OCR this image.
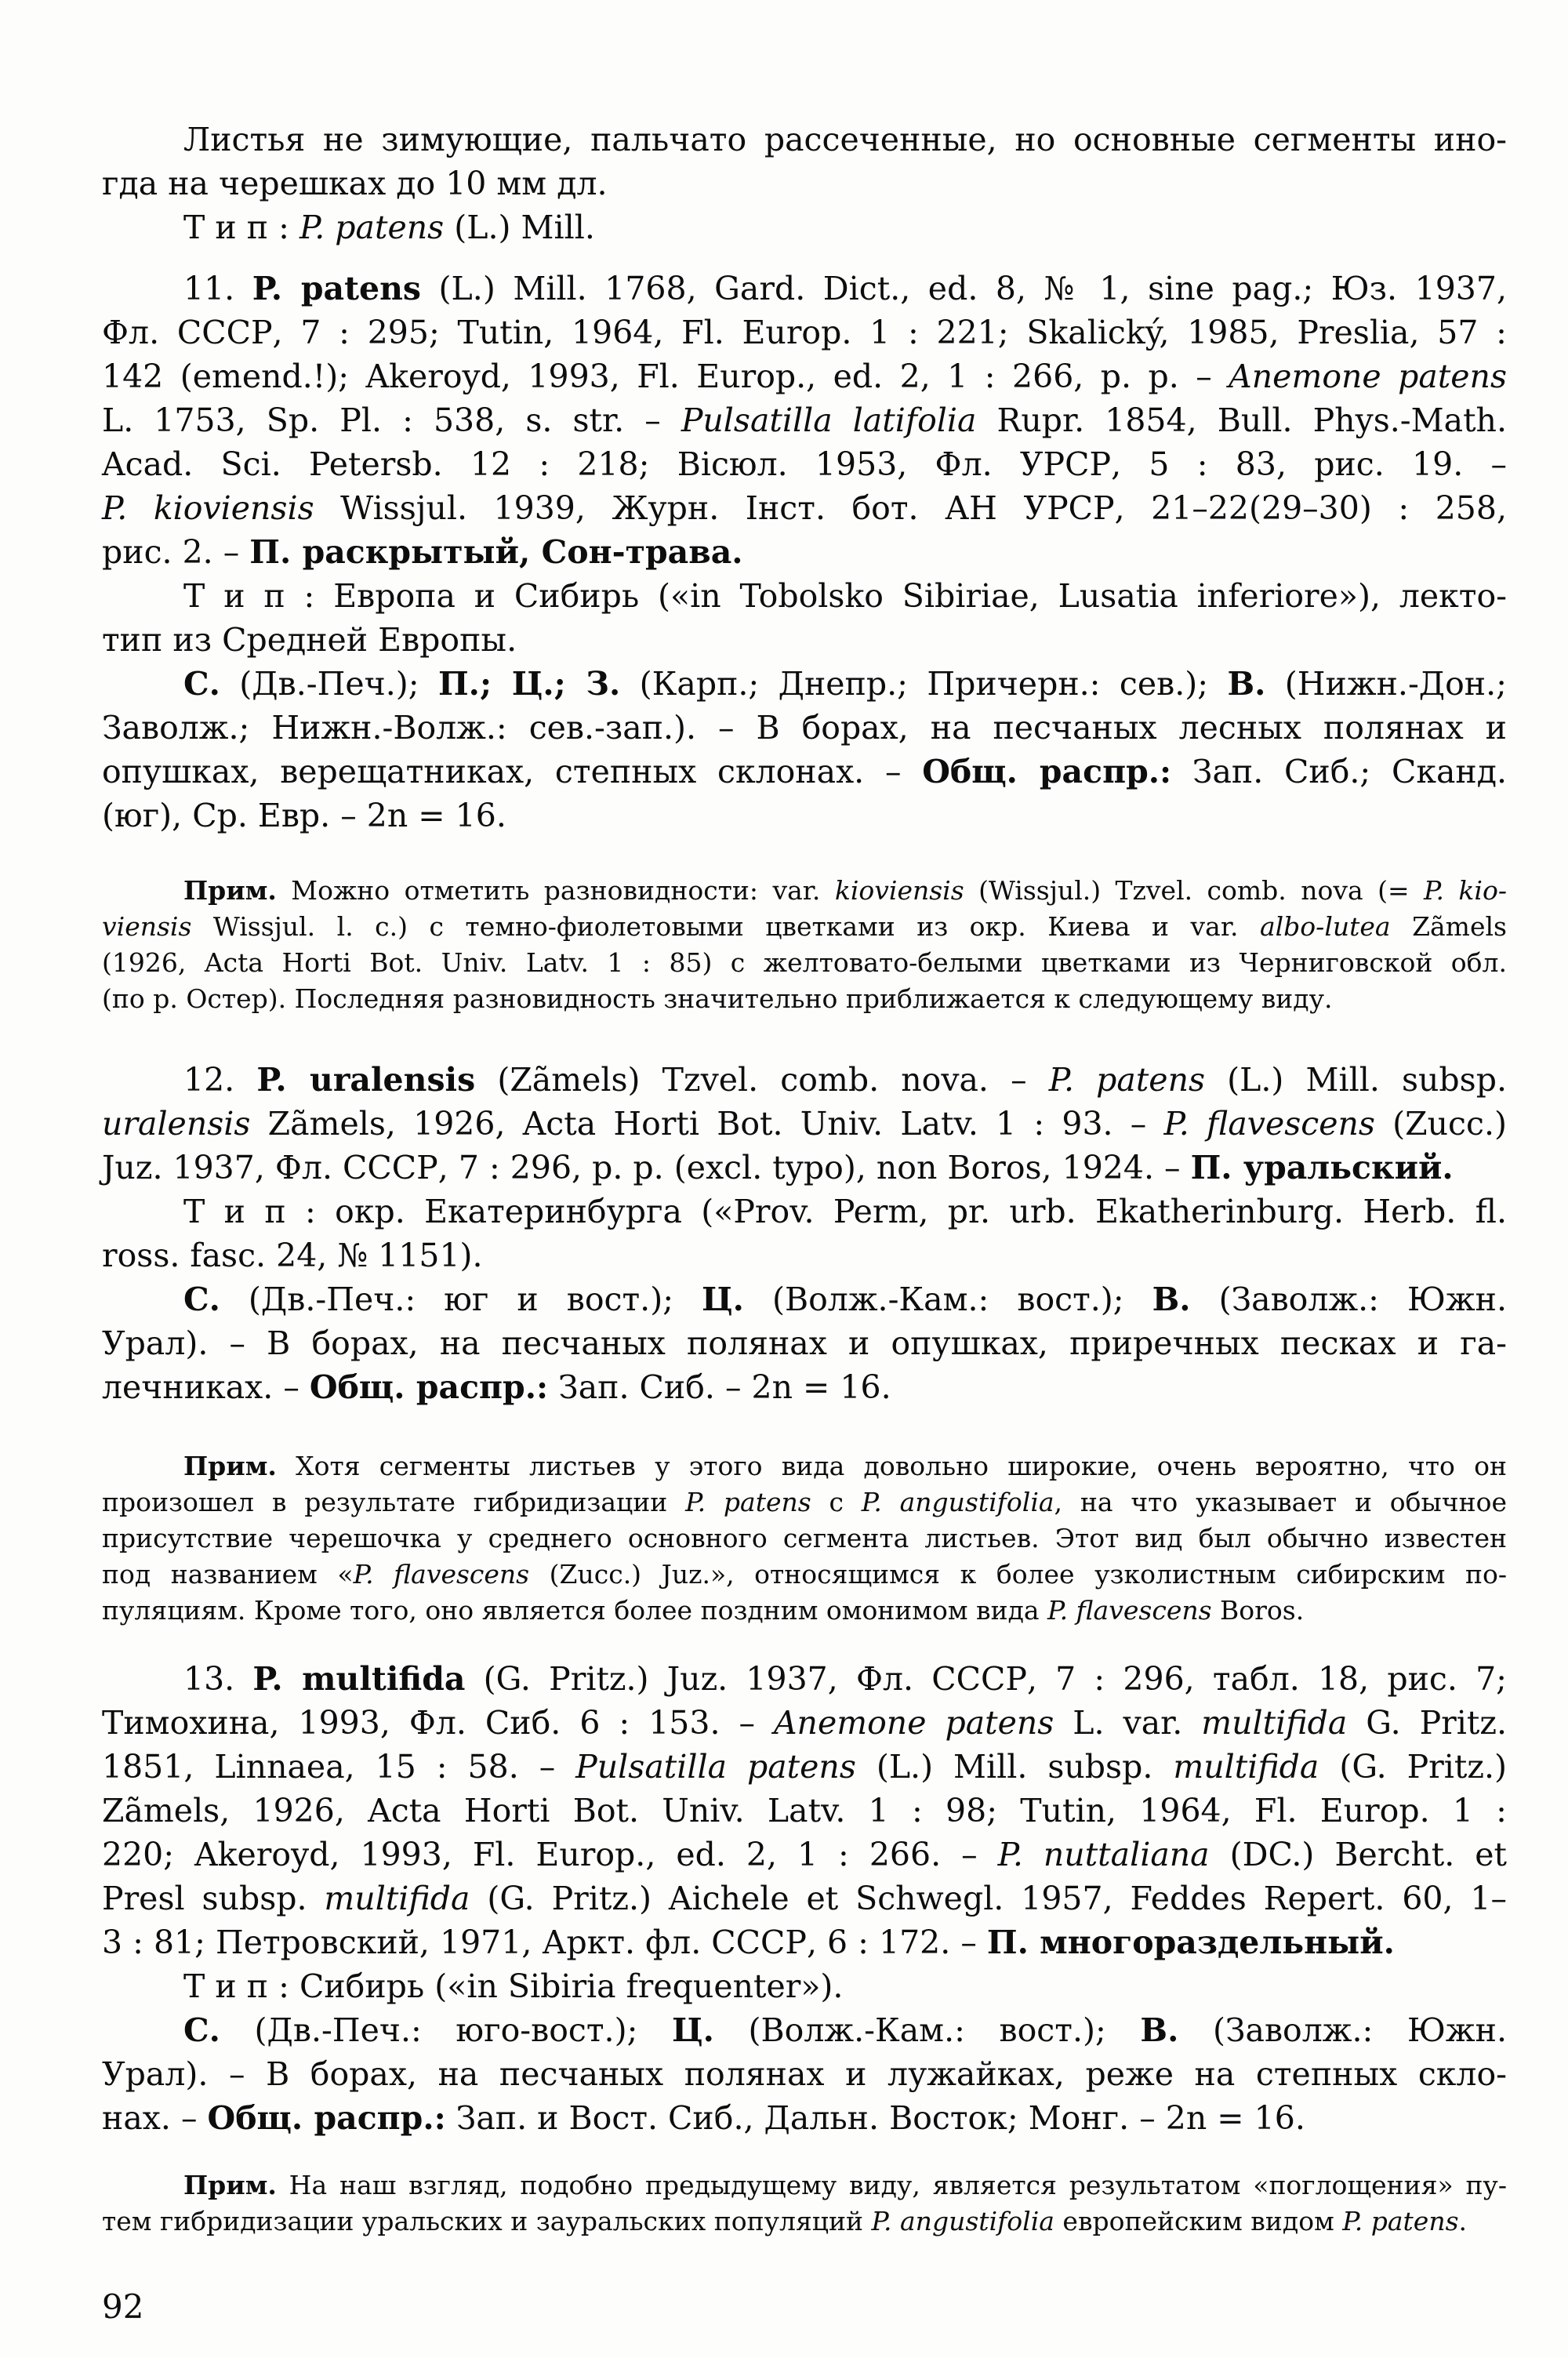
Листья не зимующие, пальчато рассеченные, но основные сегменты ино-
гда на черешках до 10 мм дл.
Т и п : P. patens (L.) Mill.
11. P. patens (L.) Mill. 1768, Gard. Dict., ed. 8, № 1, sine pag.; Юз. 1937,
Фл. СССР, 7 : 295; Tutin, 1964, Fl. Europ. 1 : 221; Skalický, 1985, Preslia, 57 :
142 (emend.!); Akeroyd, 1993, Fl. Europ., ed. 2, 1 : 266, p. p. – Anemone patens
L. 1753, Sp. Pl. : 538, s. str. – Pulsatilla latifolia Rupr. 1854, Bull. Phys.-Math.
Acad. Sci. Petersb. 12 : 218; Вісюл. 1953, Фл. УРСР, 5 : 83, рис. 19. –
P. kioviensis Wissjul. 1939, Журн. Інст. бот. АН УРСР, 21–22(29–30) : 258,
рис. 2. – П. раскрытый, Сон-трава.
Т и п : Европа и Сибирь («in Tobolsko Sibiriae, Lusatia inferiore»), лекто-
тип из Средней Европы.
С. (Дв.-Печ.); П.; Ц.; З. (Карп.; Днепр.; Причерн.: сев.); В. (Нижн.-Дон.;
Заволж.; Нижн.-Волж.: сев.-зап.). – В борах, на песчаных лесных полянах и
опушках, верещатниках, степных склонах. – Общ. распр.: Зап. Сиб.; Сканд.
(юг), Ср. Евр. – 2n = 16.
Прим. Можно отметить разновидности: var. kioviensis (Wissjul.) Tzvel. comb. nova (= P. kio-
viensis Wissjul. l. c.) с темно-фиолетовыми цветками из окр. Киева и var. albo-lutea Zãmels
(1926, Acta Horti Bot. Univ. Latv. 1 : 85) с желтовато-белыми цветками из Черниговской обл.
(по р. Остер). Последняя разновидность значительно приближается к следующему виду.
12. P. uralensis (Zãmels) Tzvel. comb. nova. – P. patens (L.) Mill. subsp.
uralensis Zãmels, 1926, Acta Horti Bot. Univ. Latv. 1 : 93. – P. flavescens (Zucc.)
Juz. 1937, Фл. СССР, 7 : 296, p. p. (excl. typo), non Boros, 1924. – П. уральский.
Т и п : окр. Екатеринбурга («Prov. Perm, pr. urb. Ekatherinburg. Herb. fl.
ross. fasc. 24, № 1151).
С. (Дв.-Печ.: юг и вост.); Ц. (Волж.-Кам.: вост.); В. (Заволж.: Южн.
Урал). – В борах, на песчаных полянах и опушках, приречных песках и га-
лечниках. – Общ. распр.: Зап. Сиб. – 2n = 16.
Прим. Хотя сегменты листьев у этого вида довольно широкие, очень вероятно, что он
произошел в результате гибридизации P. patens с P. angustifolia, на что указывает и обычное
присутствие черешочка у среднего основного сегмента листьев. Этот вид был обычно известен
под названием «P. flavescens (Zucc.) Juz.», относящимся к более узколистным сибирским по-
пуляциям. Кроме того, оно является более поздним омонимом вида P. flavescens Boros.
13. P. multifida (G. Pritz.) Juz. 1937, Фл. СССР, 7 : 296, табл. 18, рис. 7;
Тимохина, 1993, Фл. Сиб. 6 : 153. – Anemone patens L. var. multifida G. Pritz.
1851, Linnaea, 15 : 58. – Pulsatilla patens (L.) Mill. subsp. multifida (G. Pritz.)
Zãmels, 1926, Acta Horti Bot. Univ. Latv. 1 : 98; Tutin, 1964, Fl. Europ. 1 :
220; Akeroyd, 1993, Fl. Europ., ed. 2, 1 : 266. – P. nuttaliana (DC.) Bercht. et
Presl subsp. multifida (G. Pritz.) Aichele et Schwegl. 1957, Feddes Repert. 60, 1–
3 : 81; Петровский, 1971, Аркт. фл. СССР, 6 : 172. – П. многораздельный.
Т и п : Сибирь («in Sibiria frequenter»).
С. (Дв.-Печ.: юго-вост.); Ц. (Волж.-Кам.: вост.); В. (Заволж.: Южн.
Урал). – В борах, на песчаных полянах и лужайках, реже на степных скло-
нах. – Общ. распр.: Зап. и Вост. Сиб., Дальн. Восток; Монг. – 2n = 16.
Прим. На наш взгляд, подобно предыдущему виду, является результатом «поглощения» пу-
тем гибридизации уральских и зауральских популяций P. angustifolia европейским видом P. patens.
92
